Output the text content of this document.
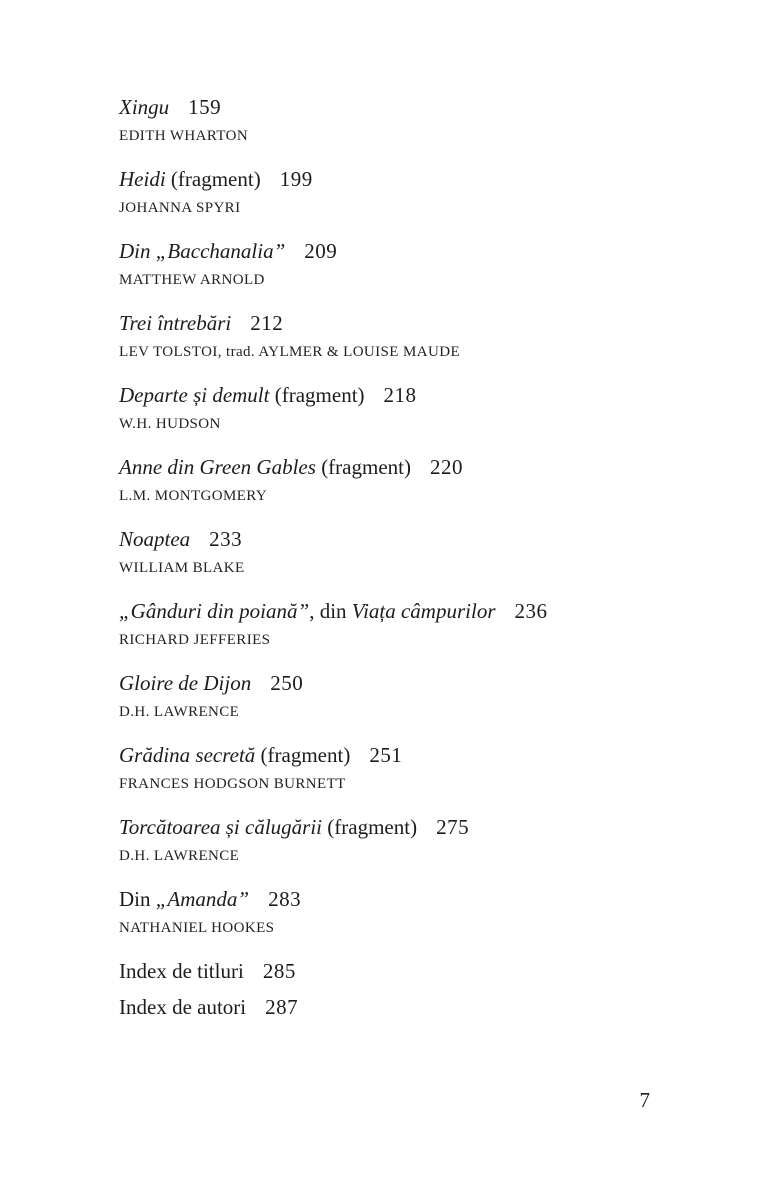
Xingu 159
EDITH WHARTON
Heidi (fragment) 199
JOHANNA SPYRI
Din „Bacchanalia” 209
MATTHEW ARNOLD
Trei întrebări 212
LEV TOLSTOI, trad. AYLMER & LOUISE MAUDE
Departe și demult (fragment) 218
W.H. HUDSON
Anne din Green Gables (fragment) 220
L.M. MONTGOMERY
Noaptea 233
WILLIAM BLAKE
„Gânduri din poiană”, din Viața câmpurilor 236
RICHARD JEFFERIES
Gloire de Dijon 250
D.H. LAWRENCE
Grădina secretă (fragment) 251
FRANCES HODGSON BURNETT
Torcătoarea și călugării (fragment) 275
D.H. LAWRENCE
Din „Amanda” 283
NATHANIEL HOOKES
Index de titluri 285
Index de autori 287
7
